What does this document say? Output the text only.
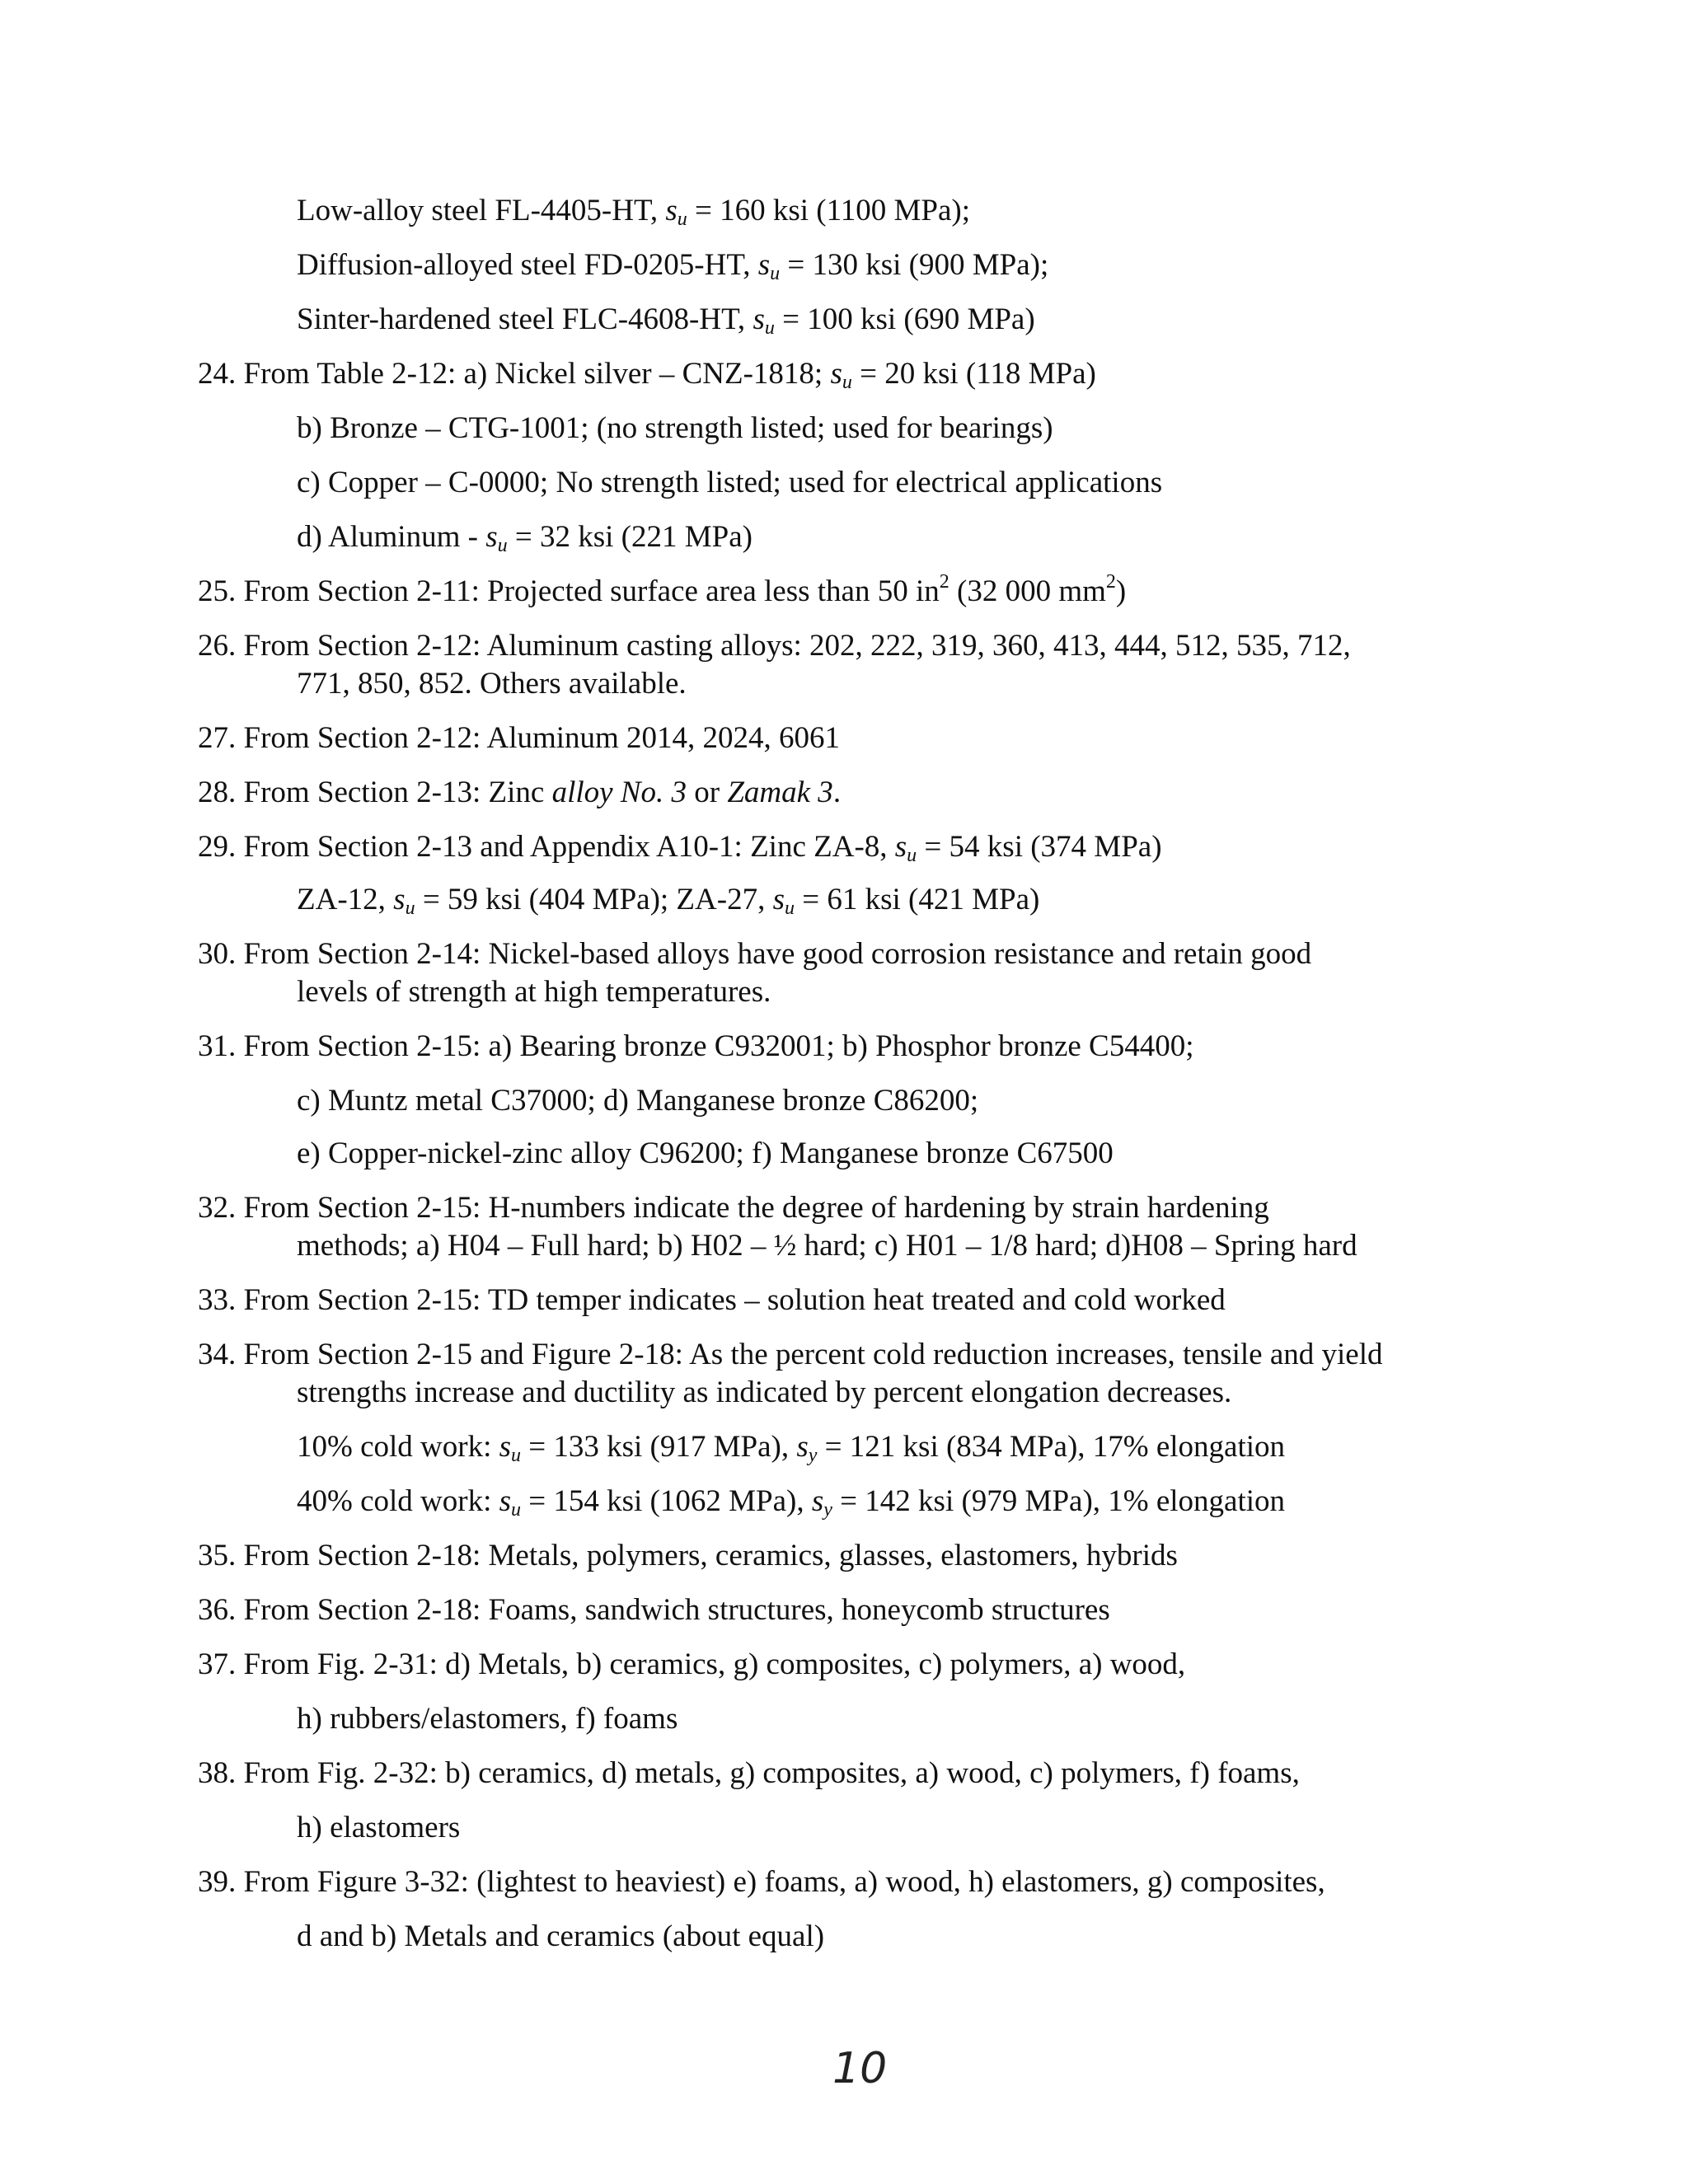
Low-alloy steel FL-4405-HT, $s_u = 160$ ksi (1100 MPa);
Diffusion-alloyed steel FD-0205-HT, $s_u = 130$ ksi (900 MPa);
Sinter-hardened steel FLC-4608-HT, $s_u = 100$ ksi (690 MPa)
24. From Table 2-12: a) Nickel silver – CNZ-1818; $s_u = 20$ ksi (118 MPa)
b) Bronze – CTG-1001; (no strength listed; used for bearings)
c) Copper – C-0000; No strength listed; used for electrical applications
d) Aluminum - $s_u = 32$ ksi (221 MPa)
25. From Section 2-11: Projected surface area less than 50 $in^2$ (32 000 $mm^2$)
26. From Section 2-12: Aluminum casting alloys: 202, 222, 319, 360, 413, 444, 512, 535, 712,
771, 850, 852. Others available.
27. From Section 2-12: Aluminum 2014, 2024, 6061
28. From Section 2-13: Zinc alloy No. 3 or Zamak 3.
29. From Section 2-13 and Appendix A10-1: Zinc ZA-8, $s_u = 54$ ksi (374 MPa)
ZA-12, $s_u = 59$ ksi (404 MPa); ZA-27, $s_u = 61$ ksi (421 MPa)
30. From Section 2-14: Nickel-based alloys have good corrosion resistance and retain good
levels of strength at high temperatures.
31. From Section 2-15: a) Bearing bronze C932001; b) Phosphor bronze C54400;
c) Muntz metal C37000; d) Manganese bronze C86200;
e) Copper-nickel-zinc alloy C96200; f) Manganese bronze C67500
32. From Section 2-15: H-numbers indicate the degree of hardening by strain hardening
methods; a) H04 – Full hard; b) H02 – ½ hard; c) H01 – 1/8 hard; d)H08 – Spring hard
33. From Section 2-15: TD temper indicates – solution heat treated and cold worked
34. From Section 2-15 and Figure 2-18: As the percent cold reduction increases, tensile and yield
strengths increase and ductility as indicated by percent elongation decreases.
10% cold work: $s_u = 133$ ksi (917 MPa), $s_y = 121$ ksi (834 MPa), 17% elongation
40% cold work: $s_u = 154$ ksi (1062 MPa), $s_y = 142$ ksi (979 MPa), 1% elongation
35. From Section 2-18: Metals, polymers, ceramics, glasses, elastomers, hybrids
36. From Section 2-18: Foams, sandwich structures, honeycomb structures
37. From Fig. 2-31: d) Metals, b) ceramics, g) composites, c) polymers, a) wood,
h) rubbers/elastomers, f) foams
38. From Fig. 2-32: b) ceramics, d) metals, g) composites, a) wood, c) polymers, f) foams,
h) elastomers
39. From Figure 3-32: (lightest to heaviest) e) foams, a) wood, h) elastomers, g) composites,
d and b) Metals and ceramics (about equal)
10
